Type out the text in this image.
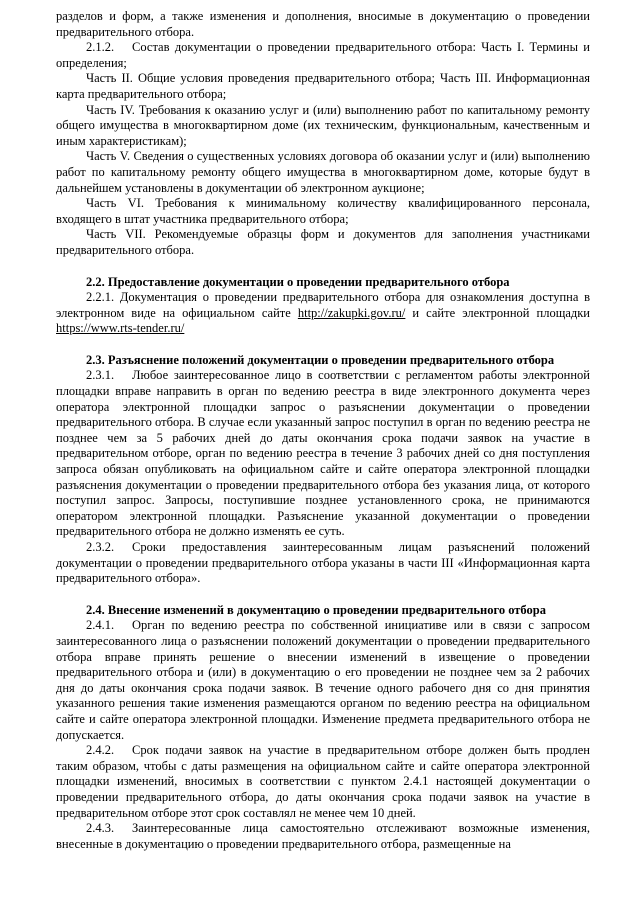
разделов и форм, а также изменения и дополнения, вносимые в документацию о проведении предварительного отбора.

2.1.2. Состав документации о проведении предварительного отбора: Часть I. Термины и определения;

Часть II. Общие условия проведения предварительного отбора; Часть III. Информационная карта предварительного отбора;

Часть IV. Требования к оказанию услуг и (или) выполнению работ по капитальному ремонту общего имущества в многоквартирном доме (их техническим, функциональным, качественным и иным характеристикам);

Часть V. Сведения о существенных условиях договора об оказании услуг и (или) выполнению работ по капитальному ремонту общего имущества в многоквартирном доме, которые будут в дальнейшем установлены в документации об электронном аукционе;

Часть VI. Требования к минимальному количеству квалифицированного персонала, входящего в штат участника предварительного отбора;

Часть VII. Рекомендуемые образцы форм и документов для заполнения участниками предварительного отбора.

2.2. Предоставление документации о проведении предварительного отбора

2.2.1. Документация о проведении предварительного отбора для ознакомления доступна в электронном виде на официальном сайте http://zakupki.gov.ru/ и сайте электронной площадки https://www.rts-tender.ru/

2.3. Разъяснение положений документации о проведении предварительного отбора

2.3.1. Любое заинтересованное лицо в соответствии с регламентом работы электронной площадки вправе направить в орган по ведению реестра в виде электронного документа через оператора электронной площадки запрос о разъяснении документации о проведении предварительного отбора. В случае если указанный запрос поступил в орган по ведению реестра не позднее чем за 5 рабочих дней до даты окончания срока подачи заявок на участие в предварительном отборе, орган по ведению реестра в течение 3 рабочих дней со дня поступления запроса обязан опубликовать на официальном сайте и сайте оператора электронной площадки разъяснения документации о проведении предварительного отбора без указания лица, от которого поступил запрос. Запросы, поступившие позднее установленного срока, не принимаются оператором электронной площадки. Разъяснение указанной документации о проведении предварительного отбора не должно изменять ее суть.

2.3.2. Сроки предоставления заинтересованным лицам разъяснений положений документации о проведении предварительного отбора указаны в части III «Информационная карта предварительного отбора».

2.4. Внесение изменений в документацию о проведении предварительного отбора

2.4.1. Орган по ведению реестра по собственной инициативе или в связи с запросом заинтересованного лица о разъяснении положений документации о проведении предварительного отбора вправе принять решение о внесении изменений в извещение о проведении предварительного отбора и (или) в документацию о его проведении не позднее чем за 2 рабочих дня до даты окончания срока подачи заявок. В течение одного рабочего дня со дня принятия указанного решения такие изменения размещаются органом по ведению реестра на официальном сайте и сайте оператора электронной площадки. Изменение предмета предварительного отбора не допускается.

2.4.2. Срок подачи заявок на участие в предварительном отборе должен быть продлен таким образом, чтобы с даты размещения на официальном сайте и сайте оператора электронной площадки изменений, вносимых в соответствии с пунктом 2.4.1 настоящей документации о проведении предварительного отбора, до даты окончания срока подачи заявок на участие в предварительном отборе этот срок составлял не менее чем 10 дней.

2.4.3. Заинтересованные лица самостоятельно отслеживают возможные изменения, внесенные в документацию о проведении предварительного отбора, размещенные на
